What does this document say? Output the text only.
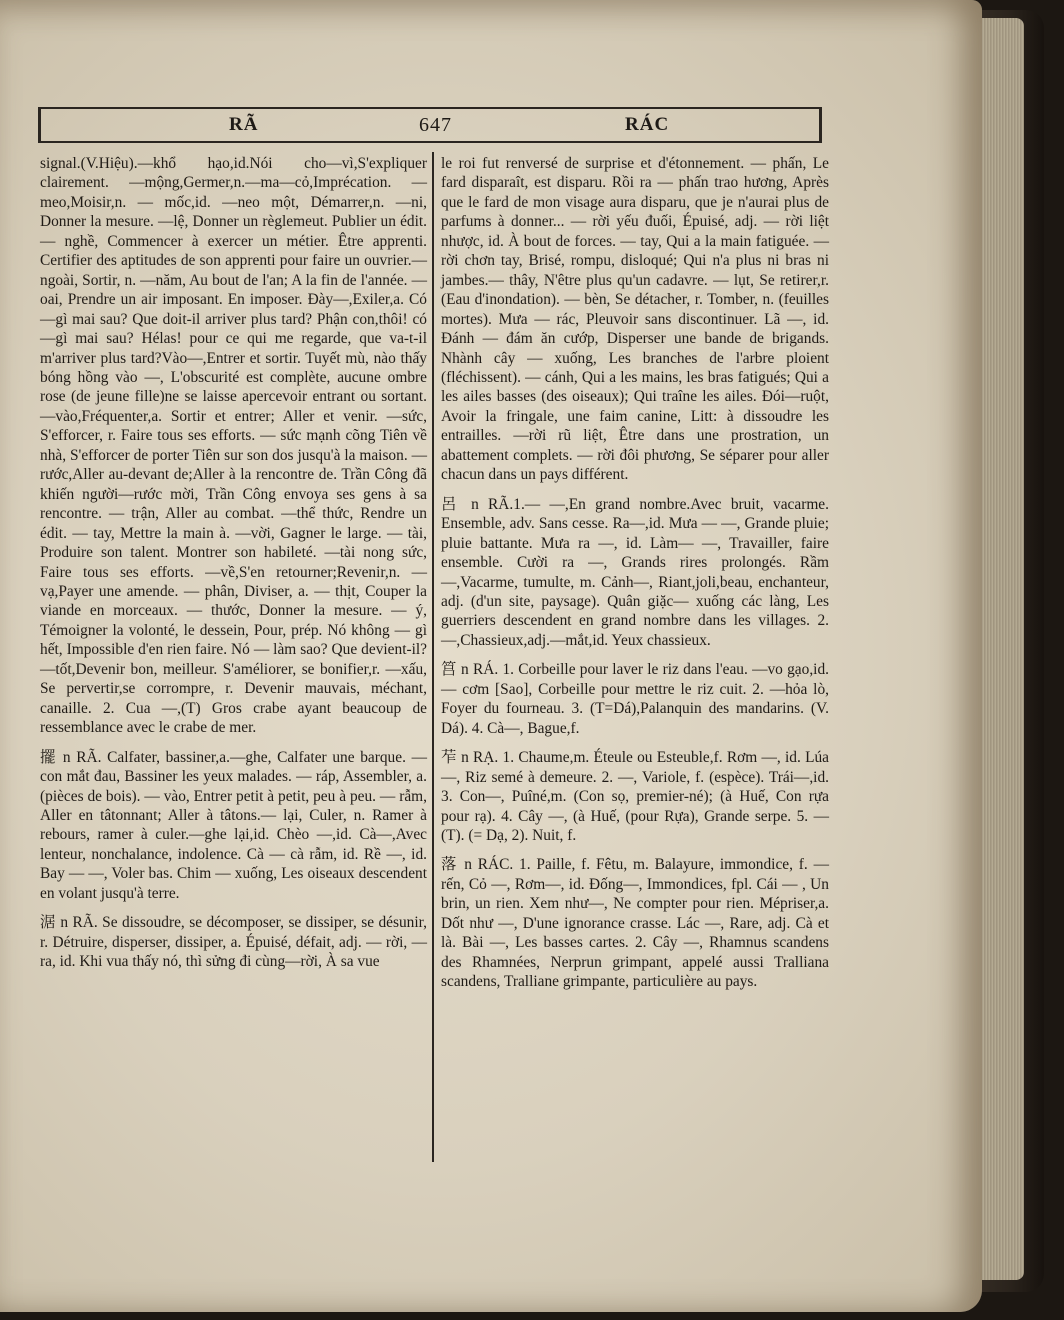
RÃ	647	RÁC

signal.(V.Hiệu).—khổ hạo,id.Nói cho—vì,S'expliquer clairement. —mộng,Germer,n.—ma—cỏ,Imprécation. —meo,Moisir,n. — mốc,id. —neo một, Démarrer,n. —ni, Donner la mesure. —lệ, Donner un règlemeut. Publier un édit. — nghề, Commencer à exercer un métier. Être apprenti. Certifier des aptitudes de son apprenti pour faire un ouvrier.— ngoài, Sortir, n. —năm, Au bout de l'an; A la fin de l'année. —oai, Prendre un air imposant. En imposer. Đày—,Exiler,a. Có—gì mai sau? Que doit-il arriver plus tard? Phận con,thôi! có—gì mai sau? Hélas! pour ce qui me regarde, que va-t-il m'arriver plus tard?Vào—,Entrer et sortir. Tuyết mù, nào thấy bóng hồng vào —, L'obscurité est complète, aucune ombre rose (de jeune fille)ne se laisse apercevoir entrant ou sortant. —vào,Fréquenter,a. Sortir et entrer; Aller et venir. —sức, S'efforcer, r. Faire tous ses efforts. — sức mạnh cõng Tiên về nhà, S'efforcer de porter Tiên sur son dos jusqu'à la maison. —rước,Aller au-devant de;Aller à la rencontre de. Trần Công đã khiến người—rước mời, Trần Công envoya ses gens à sa rencontre. — trận, Aller au combat. —thể thức, Rendre un édit. — tay, Mettre la main à. —vời, Gagner le large. — tài, Produire son talent. Montrer son habileté. —tài nong sức, Faire tous ses efforts. —về,S'en retourner;Revenir,n. —vạ,Payer une amende. — phân, Diviser, a. — thịt, Couper la viande en morceaux. — thước, Donner la mesure. — ý, Témoigner la volonté, le dessein, Pour, prép. Nó không — gì hết, Impossible d'en rien faire. Nó — làm sao? Que devient-il? —tốt,Devenir bon, meilleur. S'améliorer, se bonifier,r. —xấu, Se pervertir,se corrompre, r. Devenir mauvais, méchant, canaille. 2. Cua —,(T) Gros crabe ayant beaucoup de ressemblance avec le crabe de mer.

擺 n RÃ. Calfater, bassiner,a.—ghe, Calfater une barque. — con mắt đau, Bassiner les yeux malades. — ráp, Assembler, a. (pièces de bois). — vào, Entrer petit à petit, peu à peu. — rẫm, Aller en tâtonnant; Aller à tâtons.— lại, Culer, n. Ramer à rebours, ramer à culer.—ghe lại,id. Chèo —,id. Cà—,Avec lenteur, nonchalance, indolence. Cà — cà rẫm, id. Rề —, id. Bay — —, Voler bas. Chim — xuống, Les oiseaux descendent en volant jusqu'à terre.

涺 n RÃ. Se dissoudre, se décomposer, se dissiper, se désunir, r. Détruire, disperser, dissiper, a. Épuisé, défait, adj. — rời, — ra, id. Khi vua thấy nó, thì sửng đi cùng—rời, À sa vue

le roi fut renversé de surprise et d'étonnement. — phấn, Le fard disparaît, est disparu. Rồi ra — phấn trao hương, Après que le fard de mon visage aura disparu, que je n'aurai plus de parfums à donner... — rời yếu đuối, Épuisé, adj. — rời liệt nhược, id. À bout de forces. — tay, Qui a la main fatiguée. — rời chơn tay, Brisé, rompu, disloqué; Qui n'a plus ni bras ni jambes.— thây, N'être plus qu'un cadavre. — lụt, Se retirer,r. (Eau d'inondation). — bèn, Se détacher, r. Tomber, n. (feuilles mortes). Mưa — rác, Pleuvoir sans discontinuer. Lã —, id. Đánh — đám ăn cướp, Disperser une bande de brigands. Nhành cây — xuống, Les branches de l'arbre ploient (fléchissent). — cánh, Qui a les mains, les bras fatigués; Qui a les ailes basses (des oiseaux); Qui traîne les ailes. Đói—ruột, Avoir la fringale, une faim canine, Litt: à dissoudre les entrailles. —rời rũ liệt, Être dans une prostration, un abattement complets. — rời đôi phương, Se séparer pour aller chacun dans un pays différent.

呂 n RÃ.1.— —,En grand nombre.Avec bruit, vacarme. Ensemble, adv. Sans cesse. Ra—,id. Mưa — —, Grande pluie; pluie battante. Mưa ra —, id. Làm— —, Travailler, faire ensemble. Cười ra —, Grands rires prolongés. Rầm—,Vacarme, tumulte, m. Cảnh—, Riant,joli,beau, enchanteur, adj. (d'un site, paysage). Quân giặc— xuống các làng, Les guerriers descendent en grand nombre dans les villages. 2.—,Chassieux,adj.—mắt,id. Yeux chassieux.

筥 n RÁ. 1. Corbeille pour laver le riz dans l'eau. —vo gạo,id. — cơm [Sao], Corbeille pour mettre le riz cuit. 2. —hỏa lò, Foyer du fourneau. 3. (T=Dá),Palanquin des mandarins. (V. Dá). 4. Cà—, Bague,f.

苲 n RẠ. 1. Chaume,m. Éteule ou Esteuble,f. Rơm —, id. Lúa —, Riz semé à demeure. 2. —, Variole, f. (espèce). Trái—,id. 3. Con—, Puîné,m. (Con sọ, premier-né); (à Huế, Con rựa pour rạ). 4. Cây —, (à Huế, (pour Rựa), Grande serpe. 5. — (T). (= Dạ, 2). Nuit, f.

落 n RÁC. 1. Paille, f. Fêtu, m. Balayure, immondice, f. — rến, Cỏ —, Rơm—, id. Đống—, Immondices, fpl. Cái — , Un brin, un rien. Xem như—, Ne compter pour rien. Mépriser,a. Dốt như —, D'une ignorance crasse. Lác —, Rare, adj. Cà et là. Bài —, Les basses cartes. 2. Cây —, Rhamnus scandens des Rhamnées, Nerprun grimpant, appelé aussi Tralliana scandens, Trallianе grimpante, particulière au pays.
